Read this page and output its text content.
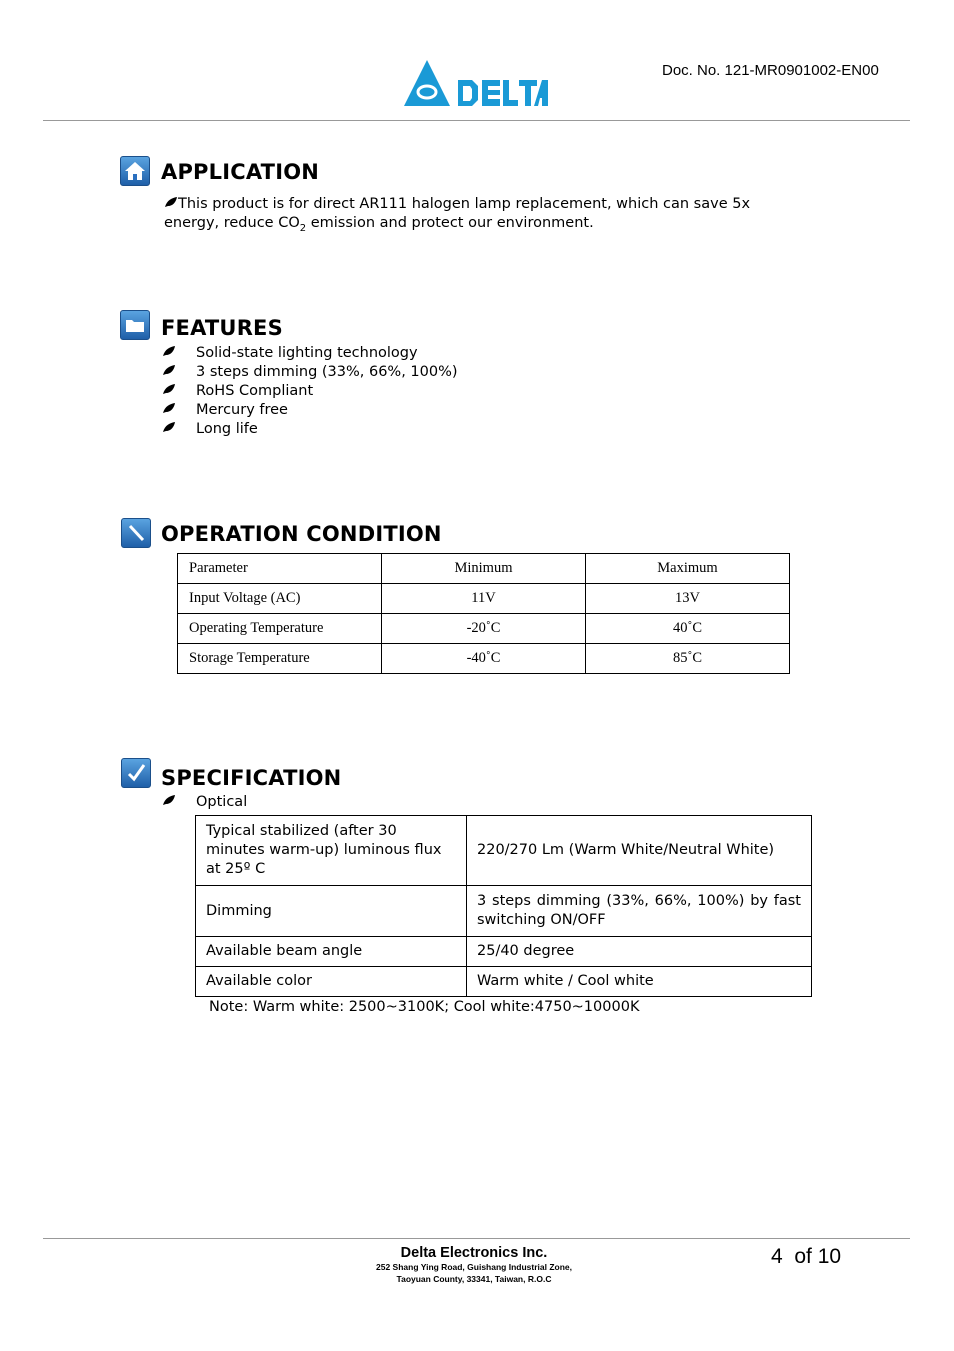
Doc. No. 121-MR0901002-EN00
APPLICATION
This product is for direct AR111 halogen lamp replacement, which can save 5x
energy, reduce $CO_2$ emission and protect our environment.
FEATURES
Solid-state lighting technology
3 steps dimming (33%, 66%, 100%)
RoHS Compliant
Mercury free
Long life
OPERATION CONDITION
Parameter	Minimum	Maximum
Input Voltage (AC)	11V	13V
Operating Temperature	-20˚C	40˚C
Storage Temperature	-40˚C	85˚C
SPECIFICATION
Optical
Typical stabilized (after 30 minutes warm-up) luminous flux at 25º C	220/270 Lm (Warm White/Neutral White)
Dimming	3 steps dimming (33%, 66%, 100%) by fast switching ON/OFF
Available beam angle	25/40 degree
Available color	Warm white / Cool white
Note: Warm white: 2500~3100K; Cool white:4750~10000K
Delta Electronics Inc.
252 Shang Ying Road, Guishang Industrial Zone,
Taoyuan County, 33341, Taiwan, R.O.C
4  of 10
